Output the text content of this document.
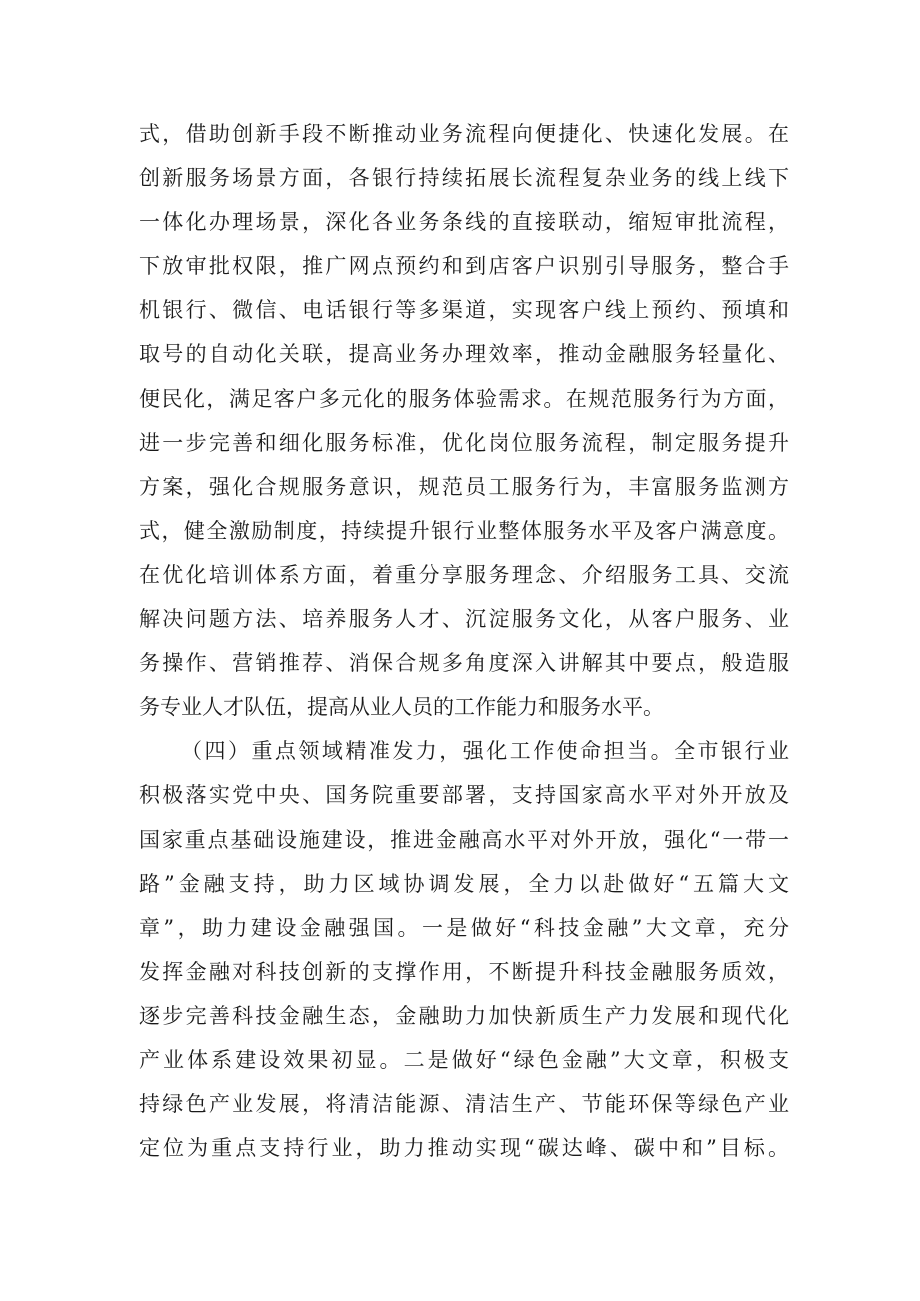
式，借助创新手段不断推动业务流程向便捷化、快速化发展。在
创新服务场景方面，各银行持续拓展长流程复杂业务的线上线下
一体化办理场景，深化各业务条线的直接联动，缩短审批流程，
下放审批权限，推广网点预约和到店客户识别引导服务，整合手
机银行、微信、电话银行等多渠道，实现客户线上预约、预填和
取号的自动化关联，提高业务办理效率，推动金融服务轻量化、
便民化，满足客户多元化的服务体验需求。在规范服务行为方面，
进一步完善和细化服务标准，优化岗位服务流程，制定服务提升
方案，强化合规服务意识，规范员工服务行为，丰富服务监测方
式，健全激励制度，持续提升银行业整体服务水平及客户满意度。
在优化培训体系方面，着重分享服务理念、介绍服务工具、交流
解决问题方法、培养服务人才、沉淀服务文化，从客户服务、业
务操作、营销推荐、消保合规多角度深入讲解其中要点，般造服
务专业人才队伍，提高从业人员的工作能力和服务水平。
（四）重点领域精准发力，强化工作使命担当。全市银行业
积极落实党中央、国务院重要部署，支持国家高水平对外开放及
国家重点基础设施建设，推进金融高水平对外开放，强化“一带一
路”金融支持，助力区域协调发展，全力以赴做好“五篇大文
章”，助力建设金融强国。一是做好“科技金融”大文章，充分
发挥金融对科技创新的支撑作用，不断提升科技金融服务质效，
逐步完善科技金融生态，金融助力加快新质生产力发展和现代化
产业体系建设效果初显。二是做好“绿色金融”大文章，积极支
持绿色产业发展，将清洁能源、清洁生产、节能环保等绿色产业
定位为重点支持行业，助力推动实现“碳达峰、碳中和”目标。
